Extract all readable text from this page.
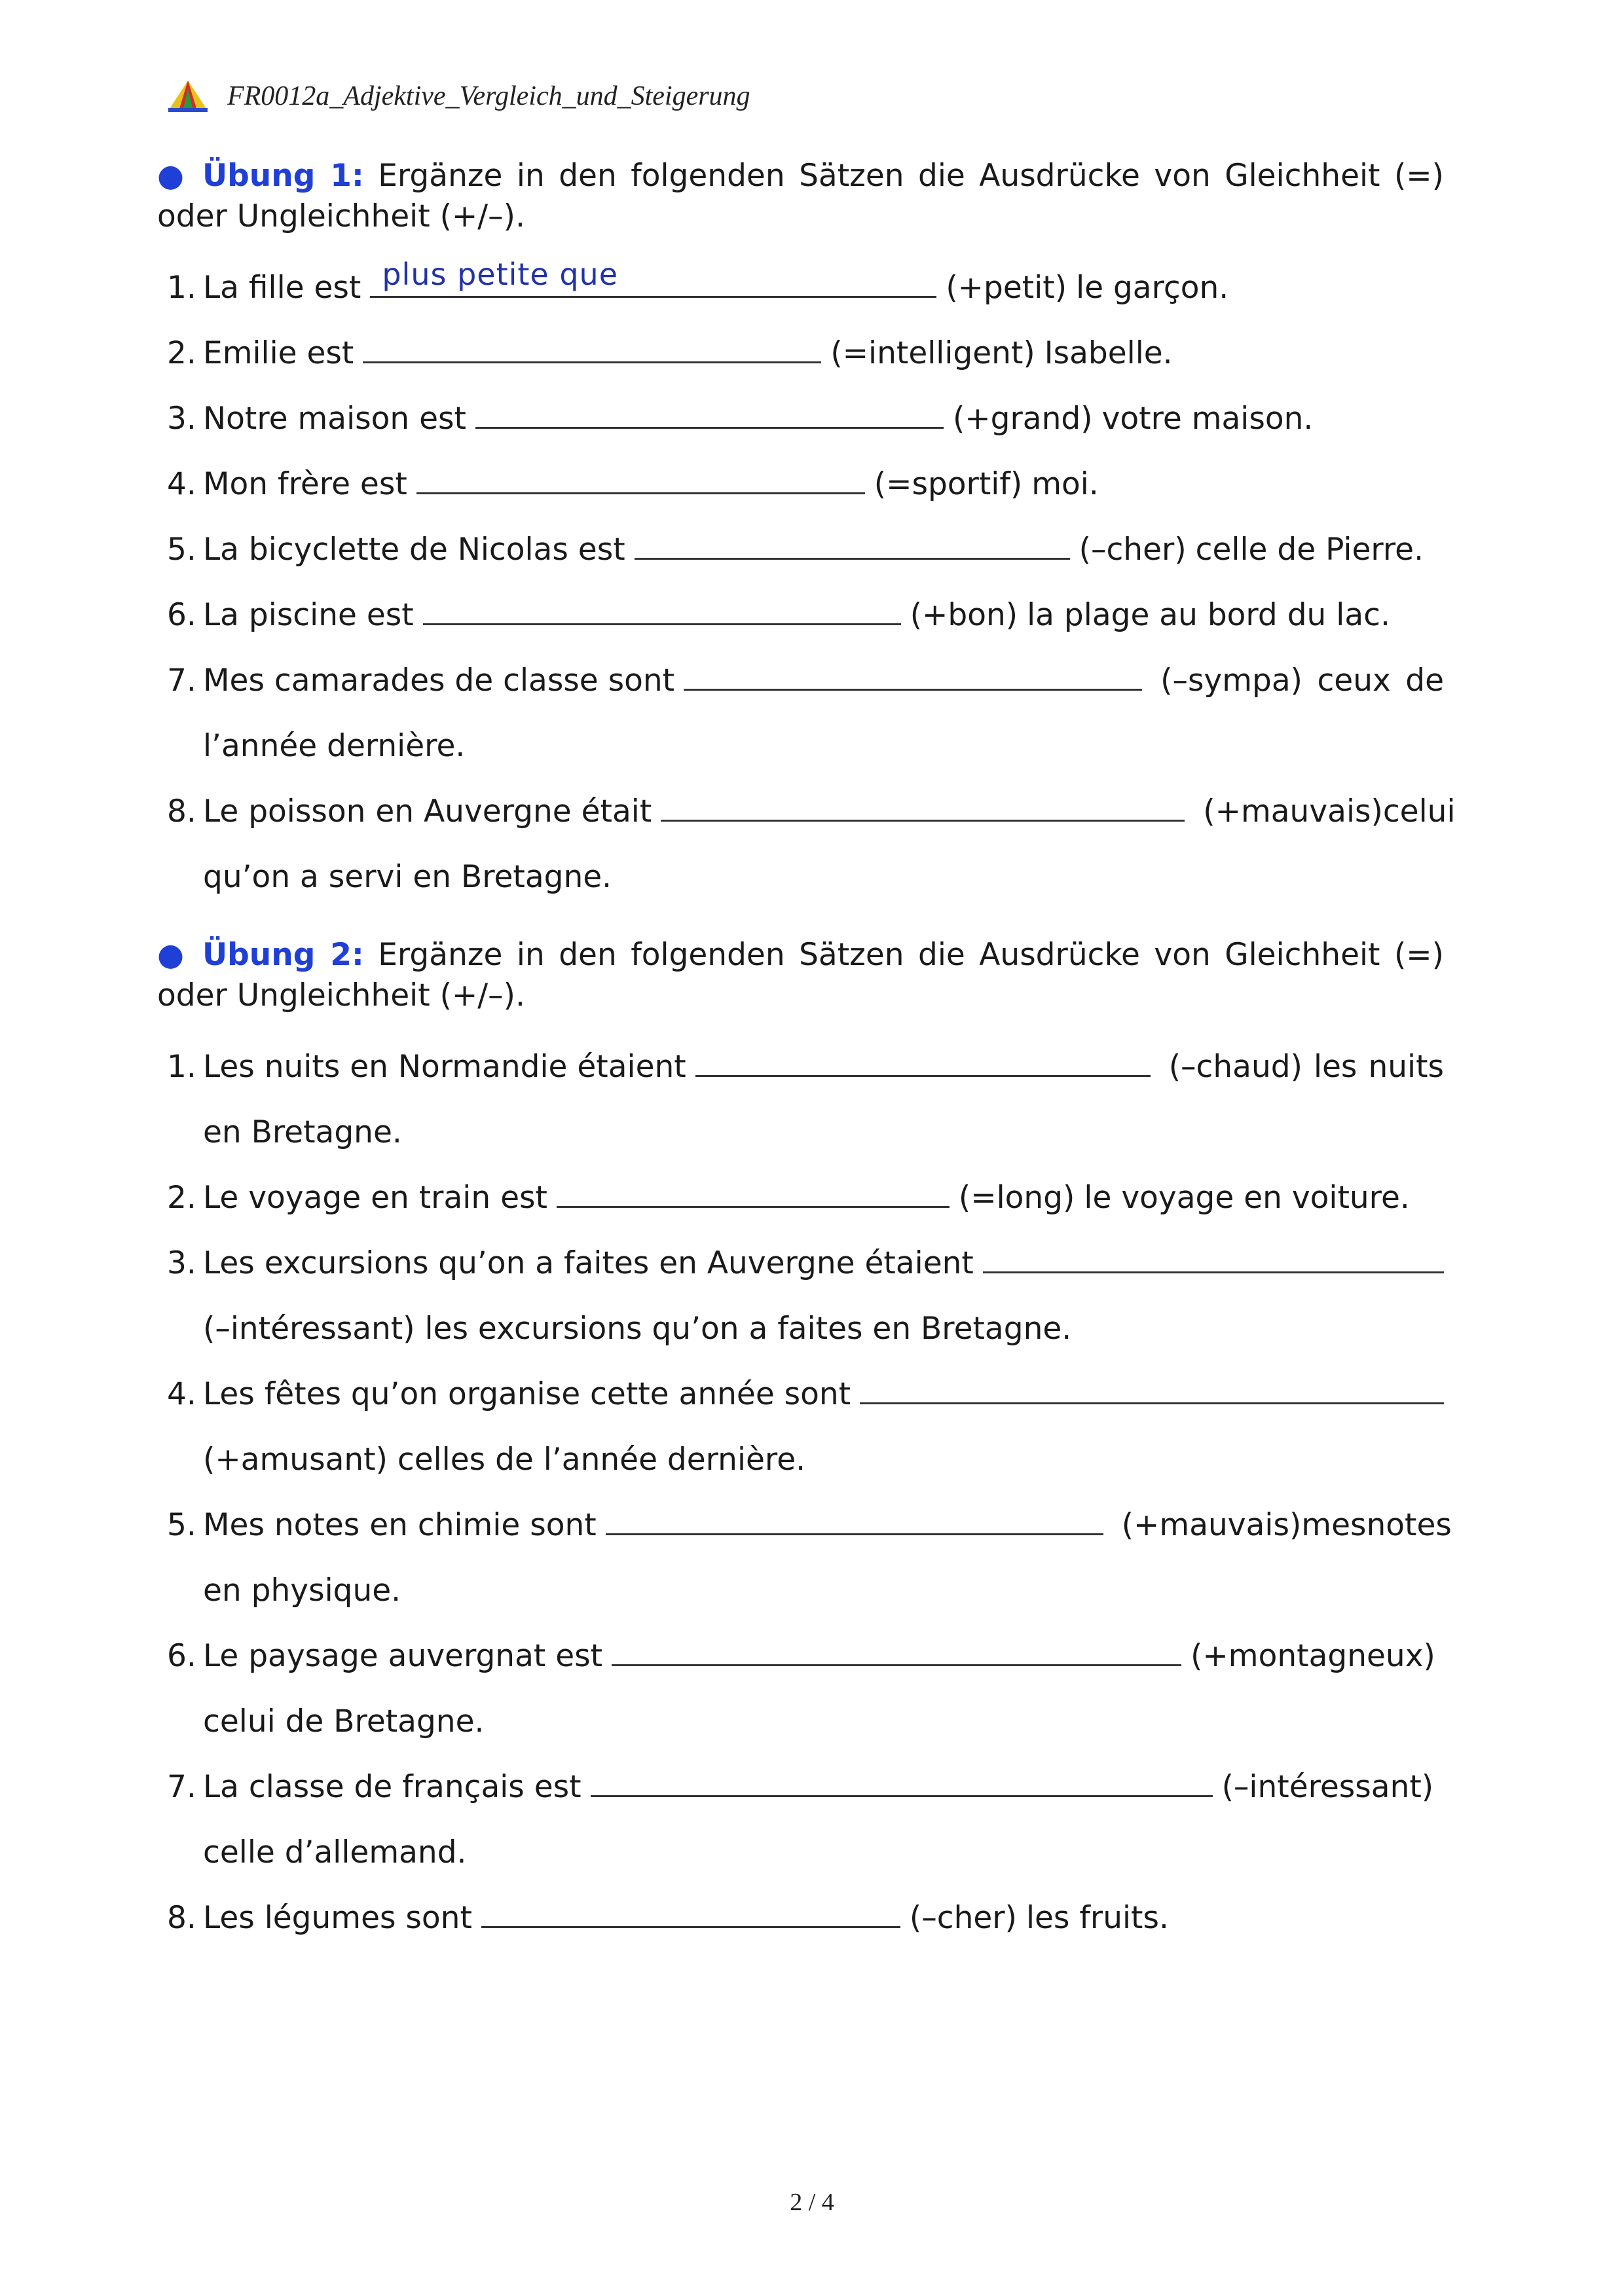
FR0012a_Adjektive_Vergleich_und_Steigerung
● Übung 1: Ergänze in den folgenden Sätzen die Ausdrücke von Gleichheit (=) oder Ungleichheit (+/–).
1. La fille est plus petite que	(+petit) le garçon.
2. Emilie est	(=intelligent) Isabelle.
3. Notre maison est	(+grand) votre maison.
4. Mon frère est	(=sportif) moi.
5. La bicyclette de Nicolas est	(–cher) celle de Pierre.
6. La piscine est	(+bon) la plage au bord du lac.
7. Mes camarades de classe sont	(–sympa) ceux de
l’année dernière.
8. Le poisson en Auvergne était	(+mauvais) celui
qu’on a servi en Bretagne.
● Übung 2: Ergänze in den folgenden Sätzen die Ausdrücke von Gleichheit (=) oder Ungleichheit (+/–).
1. Les nuits en Normandie étaient	(–chaud) les nuits
en Bretagne.
2. Le voyage en train est	(=long) le voyage en voiture.
3. Les excursions qu’on a faites en Auvergne étaient
(–intéressant) les excursions qu’on a faites en Bretagne.
4. Les fêtes qu’on organise cette année sont
(+amusant) celles de l’année dernière.
5. Mes notes en chimie sont	(+mauvais) mes notes
en physique.
6. Le paysage auvergnat est	(+montagneux)
celui de Bretagne.
7. La classe de français est	(–intéressant)
celle d’allemand.
8. Les légumes sont	(–cher) les fruits.
2 / 4
